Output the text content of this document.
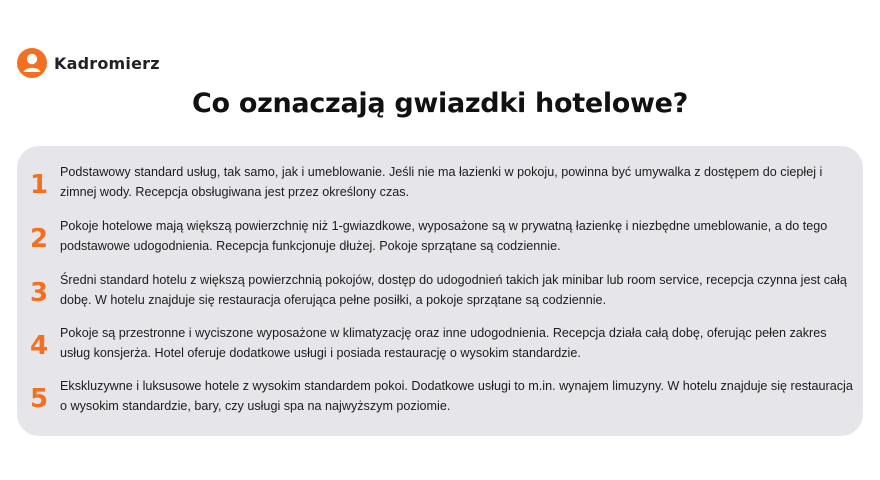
Kadromierz
Co oznaczają gwiazdki hotelowe?
1 Podstawowy standard usług, tak samo, jak i umeblowanie. Jeśli nie ma łazienki w pokoju, powinna być umywalka z dostępem do ciepłej i zimnej wody. Recepcja obsługiwana jest przez określony czas.

2 Pokoje hotelowe mają większą powierzchnię niż 1-gwiazdkowe, wyposażone są w prywatną łazienkę i niezbędne umeblowanie, a do tego podstawowe udogodnienia. Recepcja funkcjonuje dłużej. Pokoje sprzątane są codziennie.

3 Średni standard hotelu z większą powierzchnią pokojów, dostęp do udogodnień takich jak minibar lub room service, recepcja czynna jest całą dobę. W hotelu znajduje się restauracja oferująca pełne posiłki, a pokoje sprzątane są codziennie.

4 Pokoje są przestronne i wyciszone wyposażone w klimatyzację oraz inne udogodnienia. Recepcja działa całą dobę, oferując pełen zakres usług konsjerża. Hotel oferuje dodatkowe usługi i posiada restaurację o wysokim standardzie.

5 Ekskluzywne i luksusowe hotele z wysokim standardem pokoi. Dodatkowe usługi to m.in. wynajem limuzyny. W hotelu znajduje się restauracja o wysokim standardzie, bary, czy usługi spa na najwyższym poziomie.
